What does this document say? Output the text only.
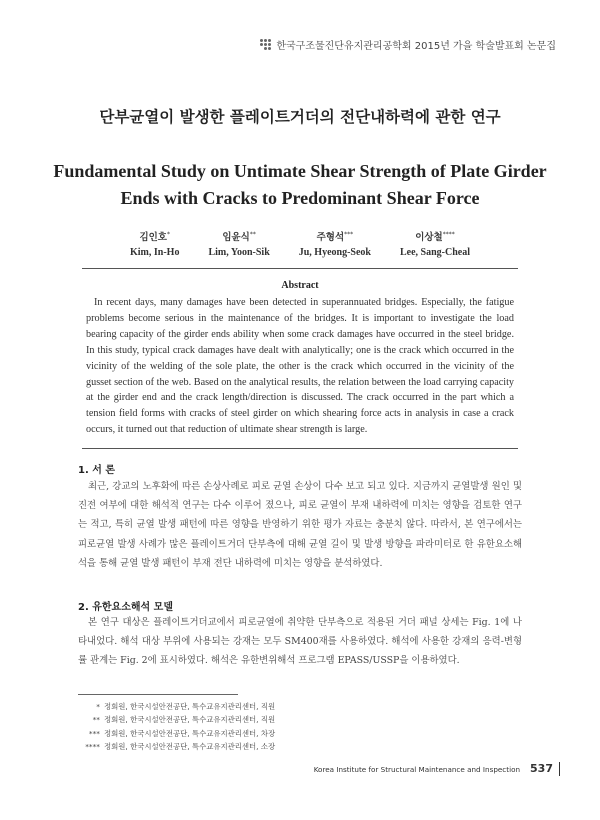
한국구조물진단유지관리공학회 2015년 가을 학술발표회 논문집
단부균열이 발생한 플레이트거더의 전단내하력에 관한 연구
Fundamental Study on Untimate Shear Strength of Plate Girder Ends with Cracks to Predominant Shear Force
김인호*
Kim, In-Ho
임윤식**
Lim, Yoon-Sik
주형석***
Ju, Hyeong-Seok
이상철****
Lee, Sang-Cheal
Abstract
In recent days, many damages have been detected in superannuated bridges. Especially, the fatigue problems become serious in the maintenance of the bridges. It is important to investigate the load bearing capacity of the girder ends ability when some crack damages have occurred in the steel bridge. In this study, typical crack damages have dealt with analytically; one is the crack which occurred in the vicinity of the welding of the sole plate, the other is the crack which occurred in the vicinity of the gusset section of the web. Based on the analytical results, the relation between the load carrying capacity at the girder end and the crack length/direction is discussed. The crack occurred in the part which a tension field forms with cracks of steel girder on which shearing force acts in analysis in case a crack occurs, it turned out that reduction of ultimate shear strength is large.
1. 서 론
최근, 강교의 노후화에 따른 손상사례로 피로 균열 손상이 다수 보고 되고 있다. 지금까지 균열발생 원인 및 진전 여부에 대한 해석적 연구는 다수 이루어 졌으나, 피로 균열이 부재 내하력에 미치는 영향을 검토한 연구는 적고, 특히 균열 발생 패턴에 따른 영향을 반영하기 위한 평가 자료는 충분치 않다. 따라서, 본 연구에서는 피로균열 발생 사례가 많은 플레이트거더 단부측에 대해 균열 길이 및 발생 방향을 파라미터로 한 유한요소해석을 통해 균열 발생 패턴이 부재 전단 내하력에 미치는 영향을 분석하였다.
2. 유한요소해석 모델
본 연구 대상은 플레이트거더교에서 피로균열에 취약한 단부측으로 적용된 거더 패널 상세는 Fig. 1에 나타내었다. 해석 대상 부위에 사용되는 강재는 모두 SM400재를 사용하였다. 해석에 사용한 강재의 응력-변형률 관계는 Fig. 2에 표시하였다. 해석은 유한변위해석 프로그램 EPASS/USSP을 이용하였다.
* 정회원, 한국시설안전공단, 특수교유지관리센터, 직원
** 정회원, 한국시설안전공단, 특수교유지관리센터, 직원
*** 정회원, 한국시설안전공단, 특수교유지관리센터, 차장
**** 정회원, 한국시설안전공단, 특수교유지관리센터, 소장
Korea Institute for Structural Maintenance and Inspection 537
